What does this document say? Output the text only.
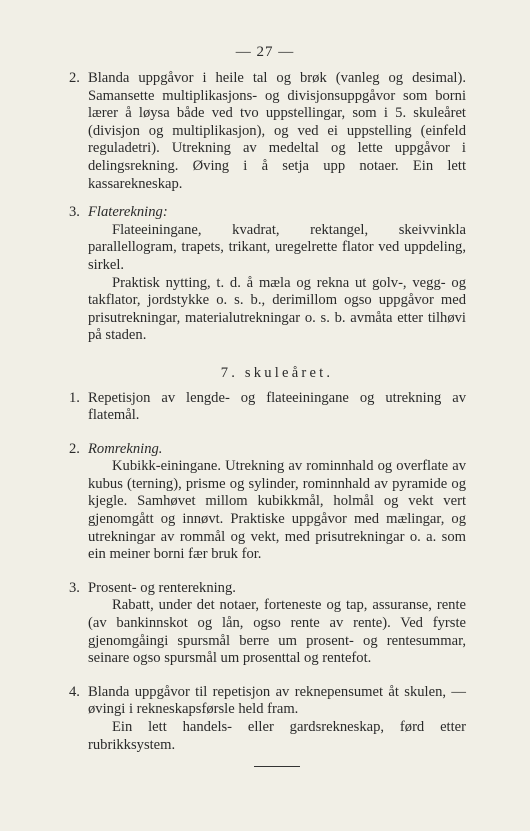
— 27 —
2. Blanda uppgåvor i heile tal og brøk (vanleg og desimal). Samansette multiplikasjons- og divisjonsuppgåvor som borni lærer å løysa både ved tvo uppstellingar, som i 5. skuleåret (divisjon og multiplikasjon), og ved ei uppstelling (einfeld reguladetri). Utrekning av medeltal og lette uppgåvor i delingsrekning. Øving i å setja upp notaer. Ein lett kassarekneskap.

3. Flaterekning:

Flateeiningane, kvadrat, rektangel, skeivvinkla parallellogram, trapets, trikant, uregelrette flator ved uppdeling, sirkel.

Praktisk nytting, t. d. å mæla og rekna ut golv-, vegg- og takflator, jordstykke o. s. b., derimillom ogso uppgåvor med prisutrekningar, materialutrekningar o. s. b. avmåta etter tilhøvi på staden.

7. skuleåret.
1. Repetisjon av lengde- og flateeiningane og utrekning av flatemål.

2. Romrekning.

Kubikk-einingane. Utrekning av rominnhald og overflate av kubus (terning), prisme og sylinder, rominnhald av pyramide og kjegle. Samhøvet millom kubikkmål, holmål og vekt vert gjenomgått og innøvt. Praktiske uppgåvor med mælingar, og utrekningar av rommål og vekt, med prisutrekningar o. a. som ein meiner borni fær bruk for.

3. Prosent- og renterekning.

Rabatt, under det notaer, forteneste og tap, assuranse, rente (av bankinnskot og lån, ogso rente av rente). Ved fyrste gjenomgåingi spursmål berre um prosent- og rentesummar, seinare ogso spursmål um prosenttal og rentefot.

4. Blanda uppgåvor til repetisjon av reknepensumet åt skulen, — øvingi i rekneskapsførsle held fram.

Ein lett handels- eller gardsrekneskap, førd etter rubrikksystem.
